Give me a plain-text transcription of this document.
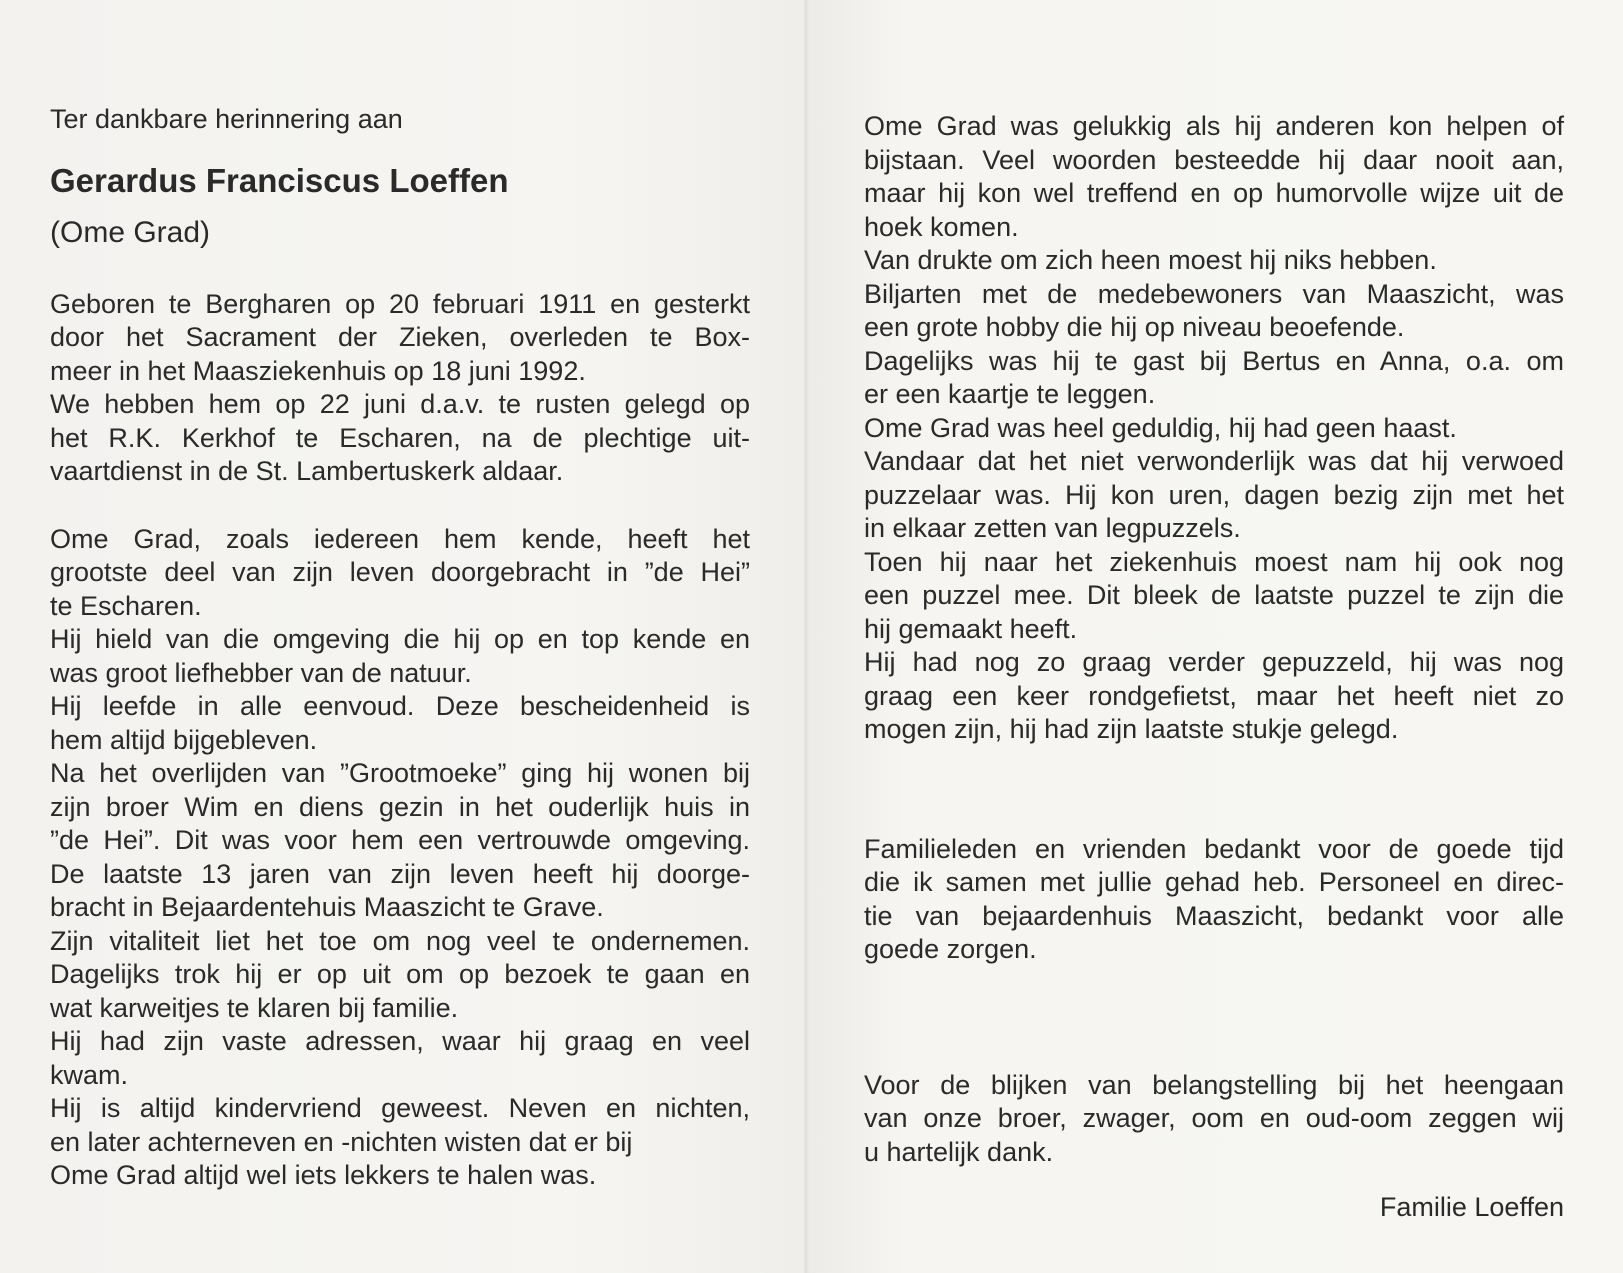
Ter dankbare herinnering aan
Gerardus Franciscus Loeffen
(Ome Grad)
Geboren te Bergharen op 20 februari 1911 en gesterkt
door het Sacrament der Zieken, overleden te Box-
meer in het Maasziekenhuis op 18 juni 1992.
We hebben hem op 22 juni d.a.v. te rusten gelegd op
het R.K. Kerkhof te Escharen, na de plechtige uit-
vaartdienst in de St. Lambertuskerk aldaar.
Ome Grad, zoals iedereen hem kende, heeft het
grootste deel van zijn leven doorgebracht in ”de Hei”
te Escharen.
Hij hield van die omgeving die hij op en top kende en
was groot liefhebber van de natuur.
Hij leefde in alle eenvoud. Deze bescheidenheid is
hem altijd bijgebleven.
Na het overlijden van ”Grootmoeke” ging hij wonen bij
zijn broer Wim en diens gezin in het ouderlijk huis in
”de Hei”. Dit was voor hem een vertrouwde omgeving.
De laatste 13 jaren van zijn leven heeft hij doorge-
bracht in Bejaardentehuis Maaszicht te Grave.
Zijn vitaliteit liet het toe om nog veel te ondernemen.
Dagelijks trok hij er op uit om op bezoek te gaan en
wat karweitjes te klaren bij familie.
Hij had zijn vaste adressen, waar hij graag en veel
kwam.
Hij is altijd kindervriend geweest. Neven en nichten,
en later achterneven en -nichten wisten dat er bij
Ome Grad altijd wel iets lekkers te halen was.
Ome Grad was gelukkig als hij anderen kon helpen of
bijstaan. Veel woorden besteedde hij daar nooit aan,
maar hij kon wel treffend en op humorvolle wijze uit de
hoek komen.
Van drukte om zich heen moest hij niks hebben.
Biljarten met de medebewoners van Maaszicht, was
een grote hobby die hij op niveau beoefende.
Dagelijks was hij te gast bij Bertus en Anna, o.a. om
er een kaartje te leggen.
Ome Grad was heel geduldig, hij had geen haast.
Vandaar dat het niet verwonderlijk was dat hij verwoed
puzzelaar was. Hij kon uren, dagen bezig zijn met het
in elkaar zetten van legpuzzels.
Toen hij naar het ziekenhuis moest nam hij ook nog
een puzzel mee. Dit bleek de laatste puzzel te zijn die
hij gemaakt heeft.
Hij had nog zo graag verder gepuzzeld, hij was nog
graag een keer rondgefietst, maar het heeft niet zo
mogen zijn, hij had zijn laatste stukje gelegd.
Familieleden en vrienden bedankt voor de goede tijd
die ik samen met jullie gehad heb. Personeel en direc-
tie van bejaardenhuis Maaszicht, bedankt voor alle
goede zorgen.
Voor de blijken van belangstelling bij het heengaan
van onze broer, zwager, oom en oud-oom zeggen wij
u hartelijk dank.
Familie Loeffen
